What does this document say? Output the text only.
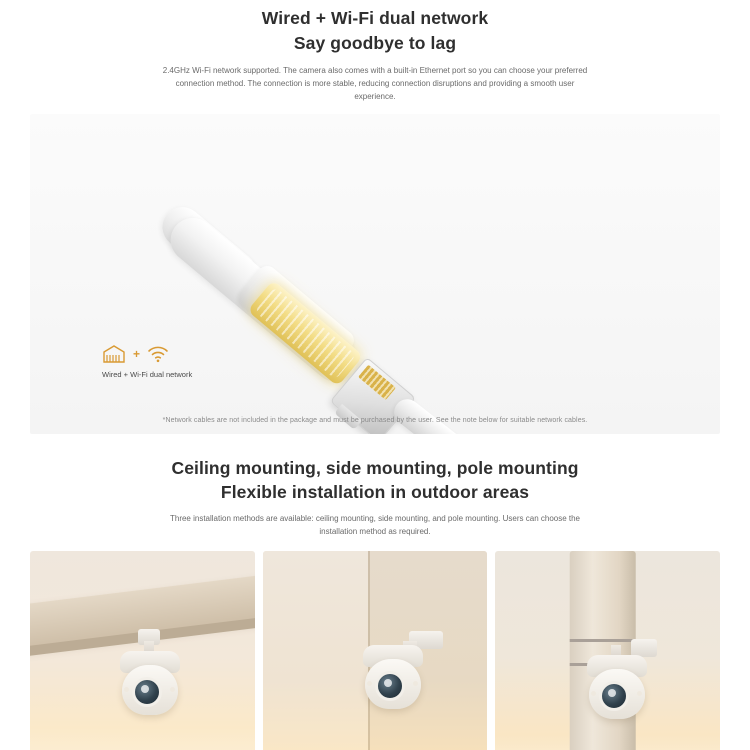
Wired + Wi-Fi dual network
Say goodbye to lag

2.4GHz Wi-Fi network supported. The camera also comes with a built-in Ethernet port so you can choose your preferred connection method. The connection is more stable, reducing connection disruptions and providing a smooth user experience.

+
Wired + Wi-Fi dual network
*Network cables are not included in the package and must be purchased by the user. See the note below for suitable network cables.
Ceiling mounting, side mounting, pole mounting
Flexible installation in outdoor areas

Three installation methods are available: ceiling mounting, side mounting, and pole mounting. Users can choose the installation method as required.
